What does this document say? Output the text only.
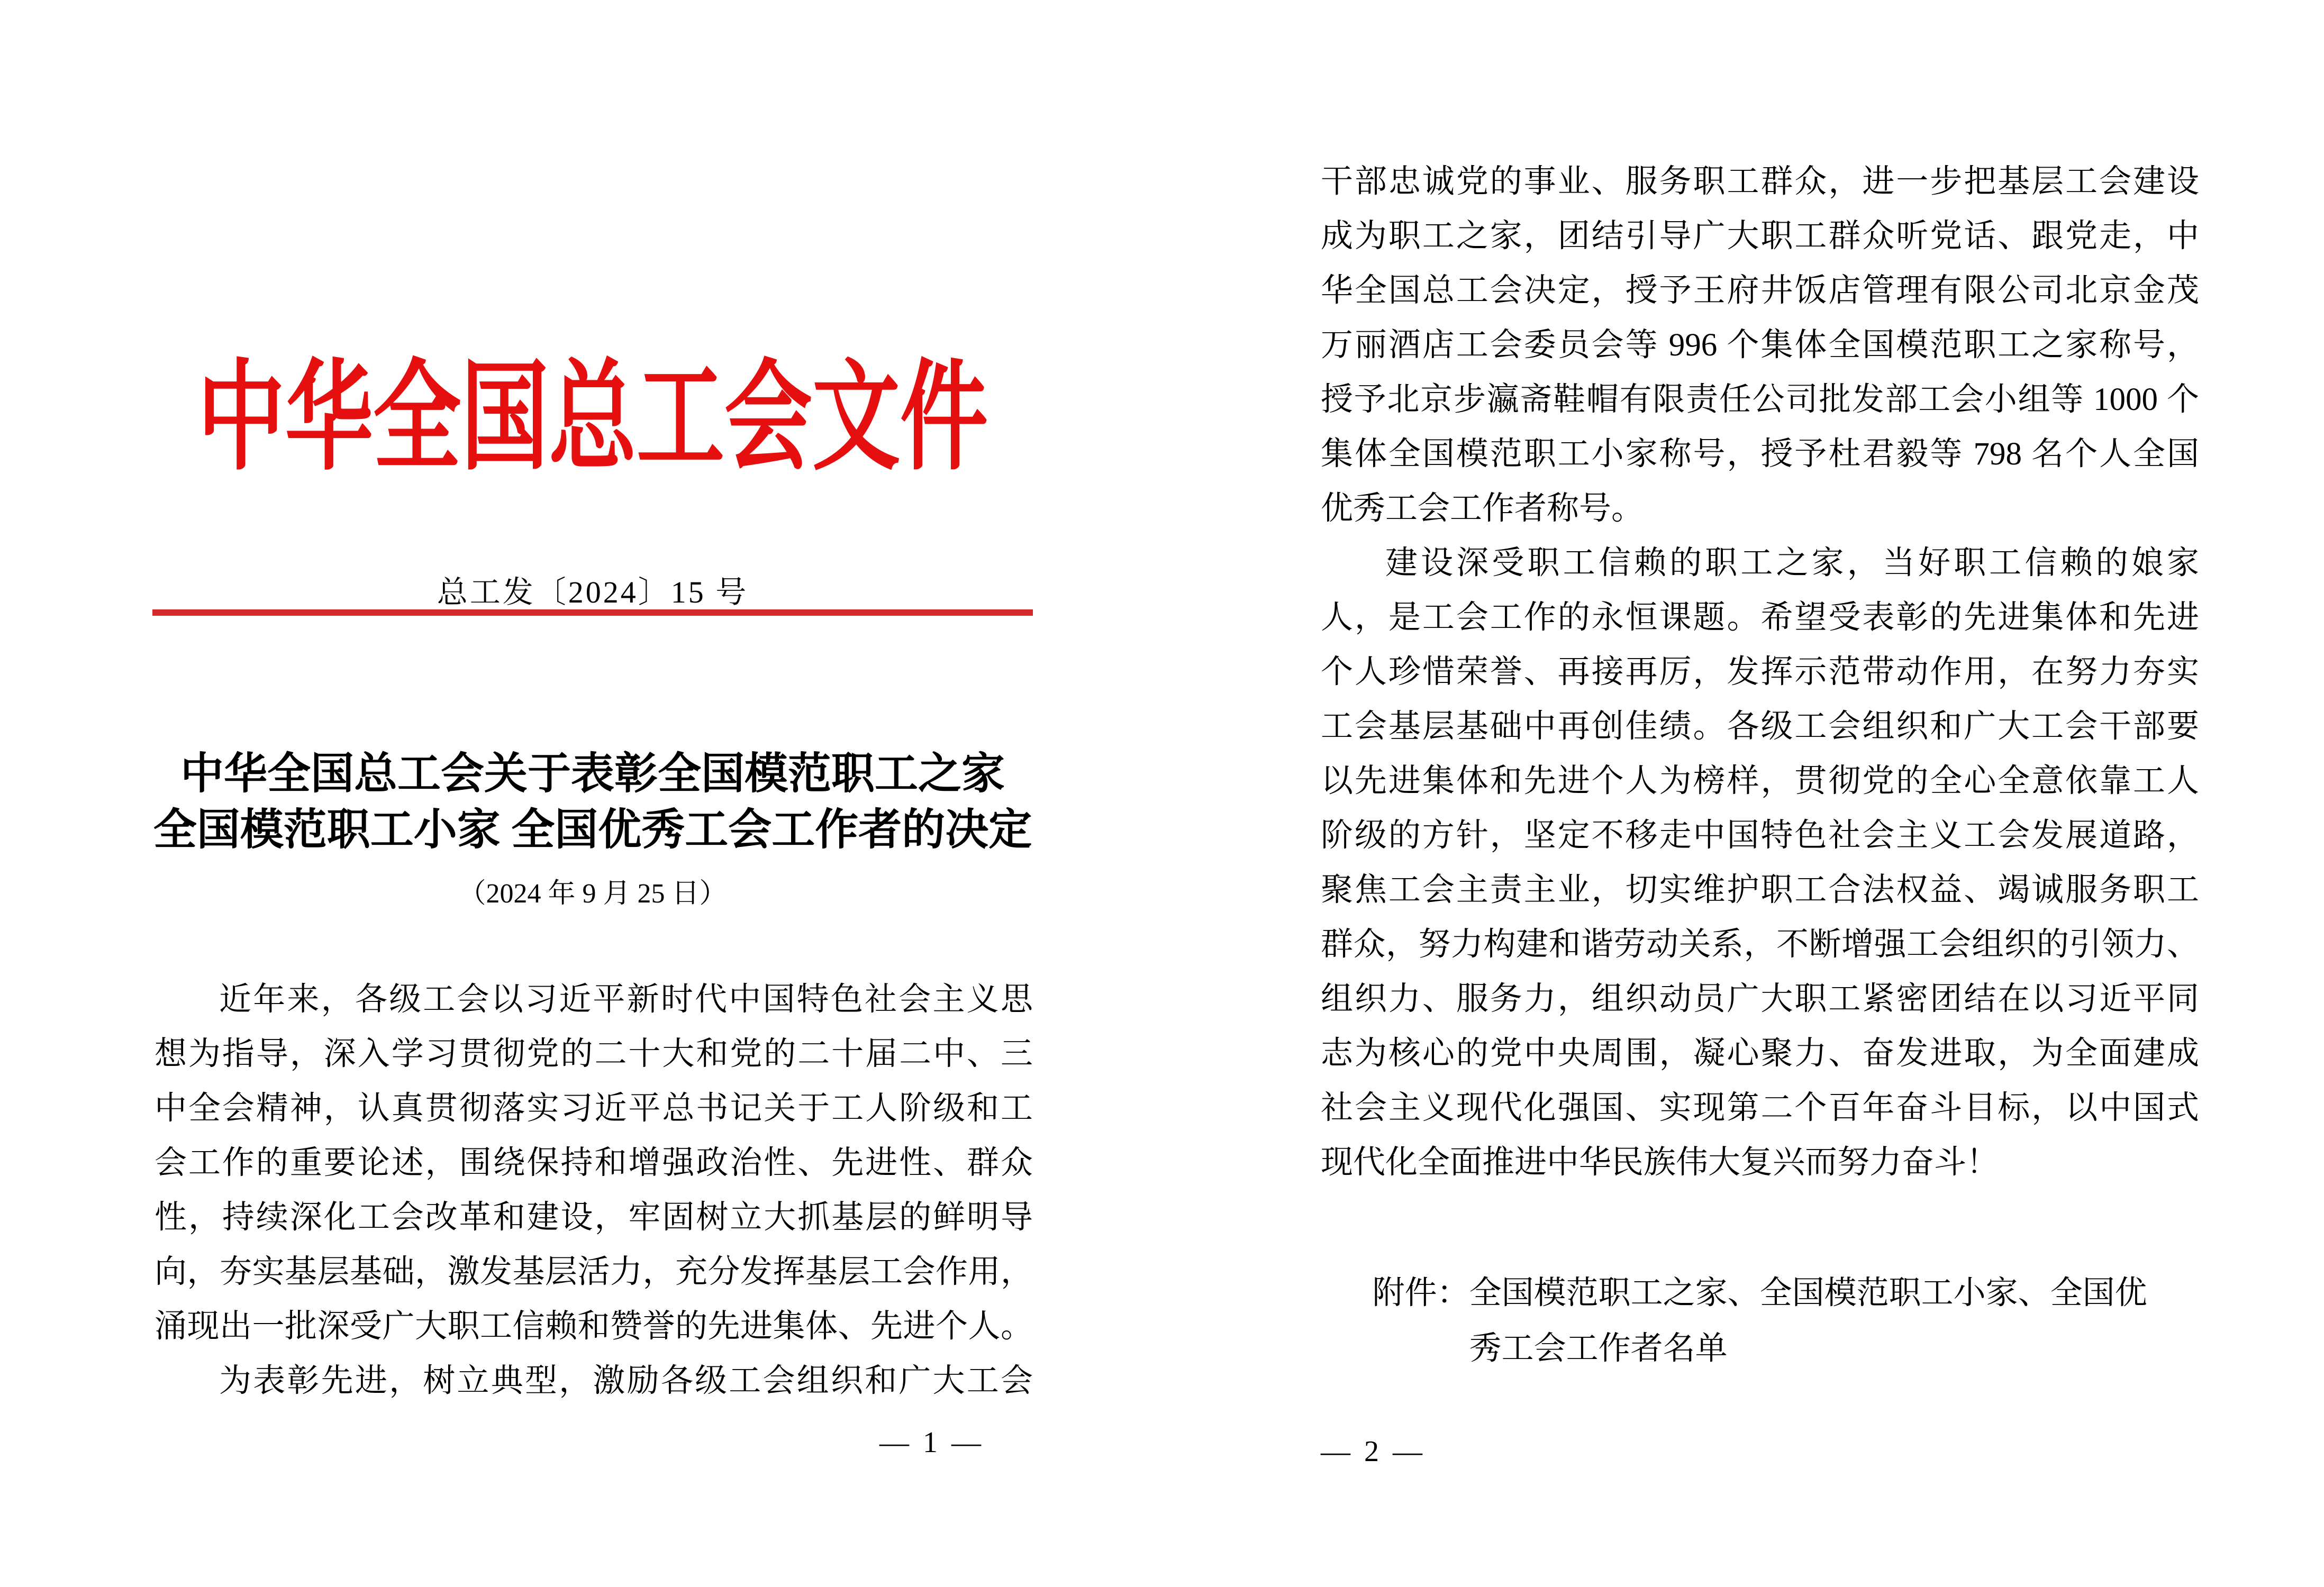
中华全国总工会文件
总工发〔2024〕15 号
中华全国总工会关于表彰全国模范职工之家
全国模范职工小家 全国优秀工会工作者的决定
（2024 年 9 月 25 日）
近年来，各级工会以习近平新时代中国特色社会主义思
想为指导，深入学习贯彻党的二十大和党的二十届二中、三
中全会精神，认真贯彻落实习近平总书记关于工人阶级和工
会工作的重要论述，围绕保持和增强政治性、先进性、群众
性，持续深化工会改革和建设，牢固树立大抓基层的鲜明导
向，夯实基层基础，激发基层活力，充分发挥基层工会作用，
涌现出一批深受广大职工信赖和赞誉的先进集体、先进个人。
为表彰先进，树立典型，激励各级工会组织和广大工会
— 1 —
干部忠诚党的事业、服务职工群众，进一步把基层工会建设
成为职工之家，团结引导广大职工群众听党话、跟党走，中
华全国总工会决定，授予王府井饭店管理有限公司北京金茂
万丽酒店工会委员会等 996 个集体全国模范职工之家称号，
授予北京步瀛斋鞋帽有限责任公司批发部工会小组等 1000 个
集体全国模范职工小家称号，授予杜君毅等 798 名个人全国
优秀工会工作者称号。
建设深受职工信赖的职工之家，当好职工信赖的娘家
人，是工会工作的永恒课题。希望受表彰的先进集体和先进
个人珍惜荣誉、再接再厉，发挥示范带动作用，在努力夯实
工会基层基础中再创佳绩。各级工会组织和广大工会干部要
以先进集体和先进个人为榜样，贯彻党的全心全意依靠工人
阶级的方针，坚定不移走中国特色社会主义工会发展道路，
聚焦工会主责主业，切实维护职工合法权益、竭诚服务职工
群众，努力构建和谐劳动关系，不断增强工会组织的引领力、
组织力、服务力，组织动员广大职工紧密团结在以习近平同
志为核心的党中央周围，凝心聚力、奋发进取，为全面建成
社会主义现代化强国、实现第二个百年奋斗目标，以中国式
现代化全面推进中华民族伟大复兴而努力奋斗！
附件：全国模范职工之家、全国模范职工小家、全国优
秀工会工作者名单
— 2 —
